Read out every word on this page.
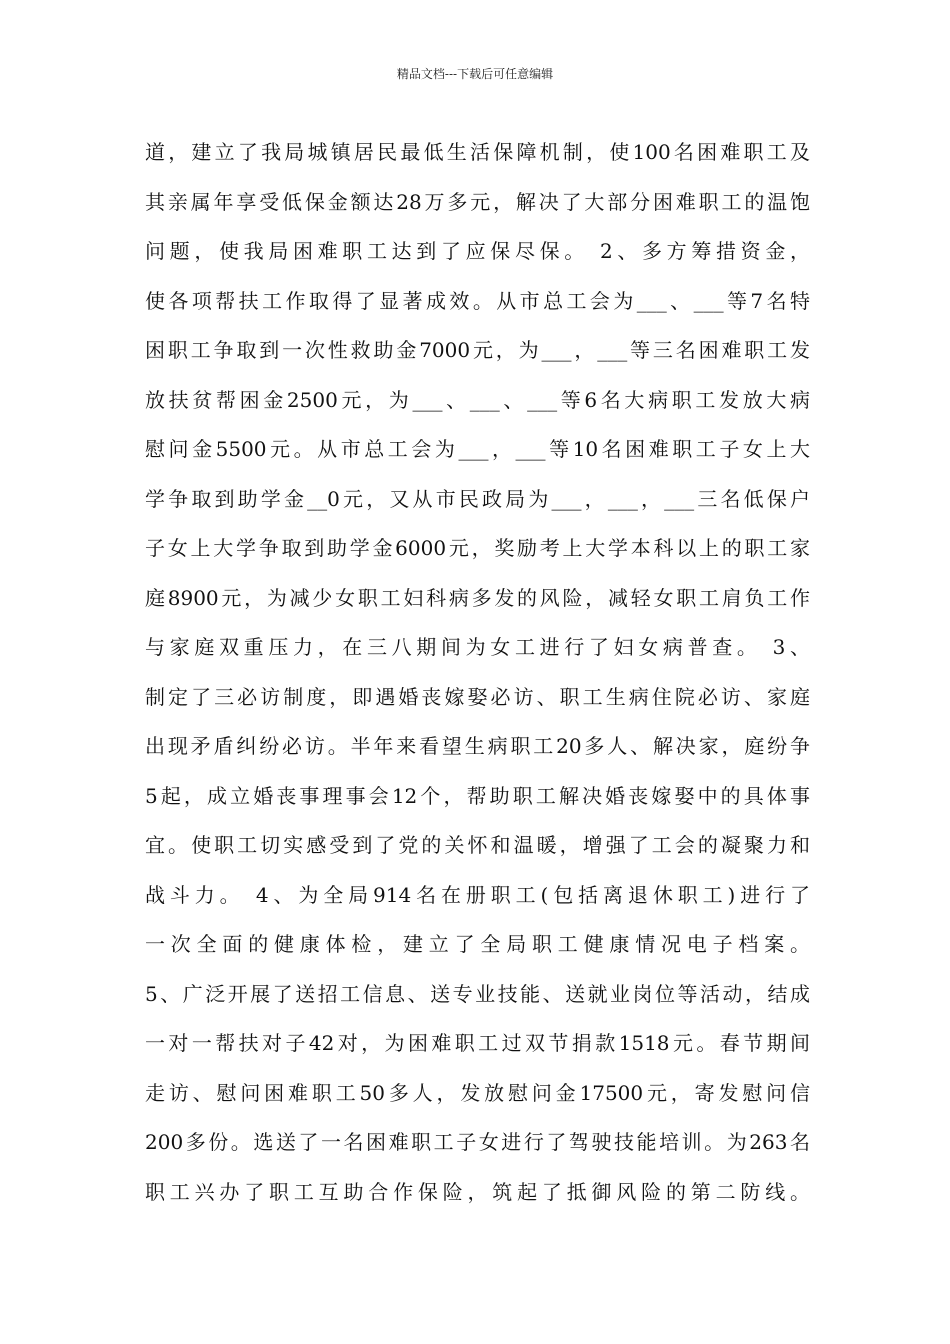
精品文档---下载后可任意编辑
道，建立了我局城镇居民最低生活保障机制，使100名困难职工及
其亲属年享受低保金额达28万多元，解决了大部分困难职工的温饱
问题，使我局困难职工达到了应保尽保。 2、多方筹措资金，
使各项帮扶工作取得了显著成效。从市总工会为___、___等7名特
困职工争取到一次性救助金7000元，为___，___等三名困难职工发
放扶贫帮困金2500元，为___、___、___等6名大病职工发放大病
慰问金5500元。从市总工会为___，___等10名困难职工子女上大
学争取到助学金__0元，又从市民政局为___，___，___三名低保户
子女上大学争取到助学金6000元，奖励考上大学本科以上的职工家
庭8900元，为减少女职工妇科病多发的风险，减轻女职工肩负工作
与家庭双重压力，在三八期间为女工进行了妇女病普查。 3、
制定了三必访制度，即遇婚丧嫁娶必访、职工生病住院必访、家庭
出现矛盾纠纷必访。半年来看望生病职工20多人、解决家，庭纷争
5起，成立婚丧事理事会12个，帮助职工解决婚丧嫁娶中的具体事
宜。使职工切实感受到了党的关怀和温暖，增强了工会的凝聚力和
战斗力。 4、为全局914名在册职工(包括离退休职工)进行了
一次全面的健康体检，建立了全局职工健康情况电子档案。
5、广泛开展了送招工信息、送专业技能、送就业岗位等活动，结成
一对一帮扶对子42对，为困难职工过双节捐款1518元。春节期间
走访、慰问困难职工50多人，发放慰问金17500元，寄发慰问信
200多份。选送了一名困难职工子女进行了驾驶技能培训。为263名
职工兴办了职工互助合作保险，筑起了抵御风险的第二防线。
